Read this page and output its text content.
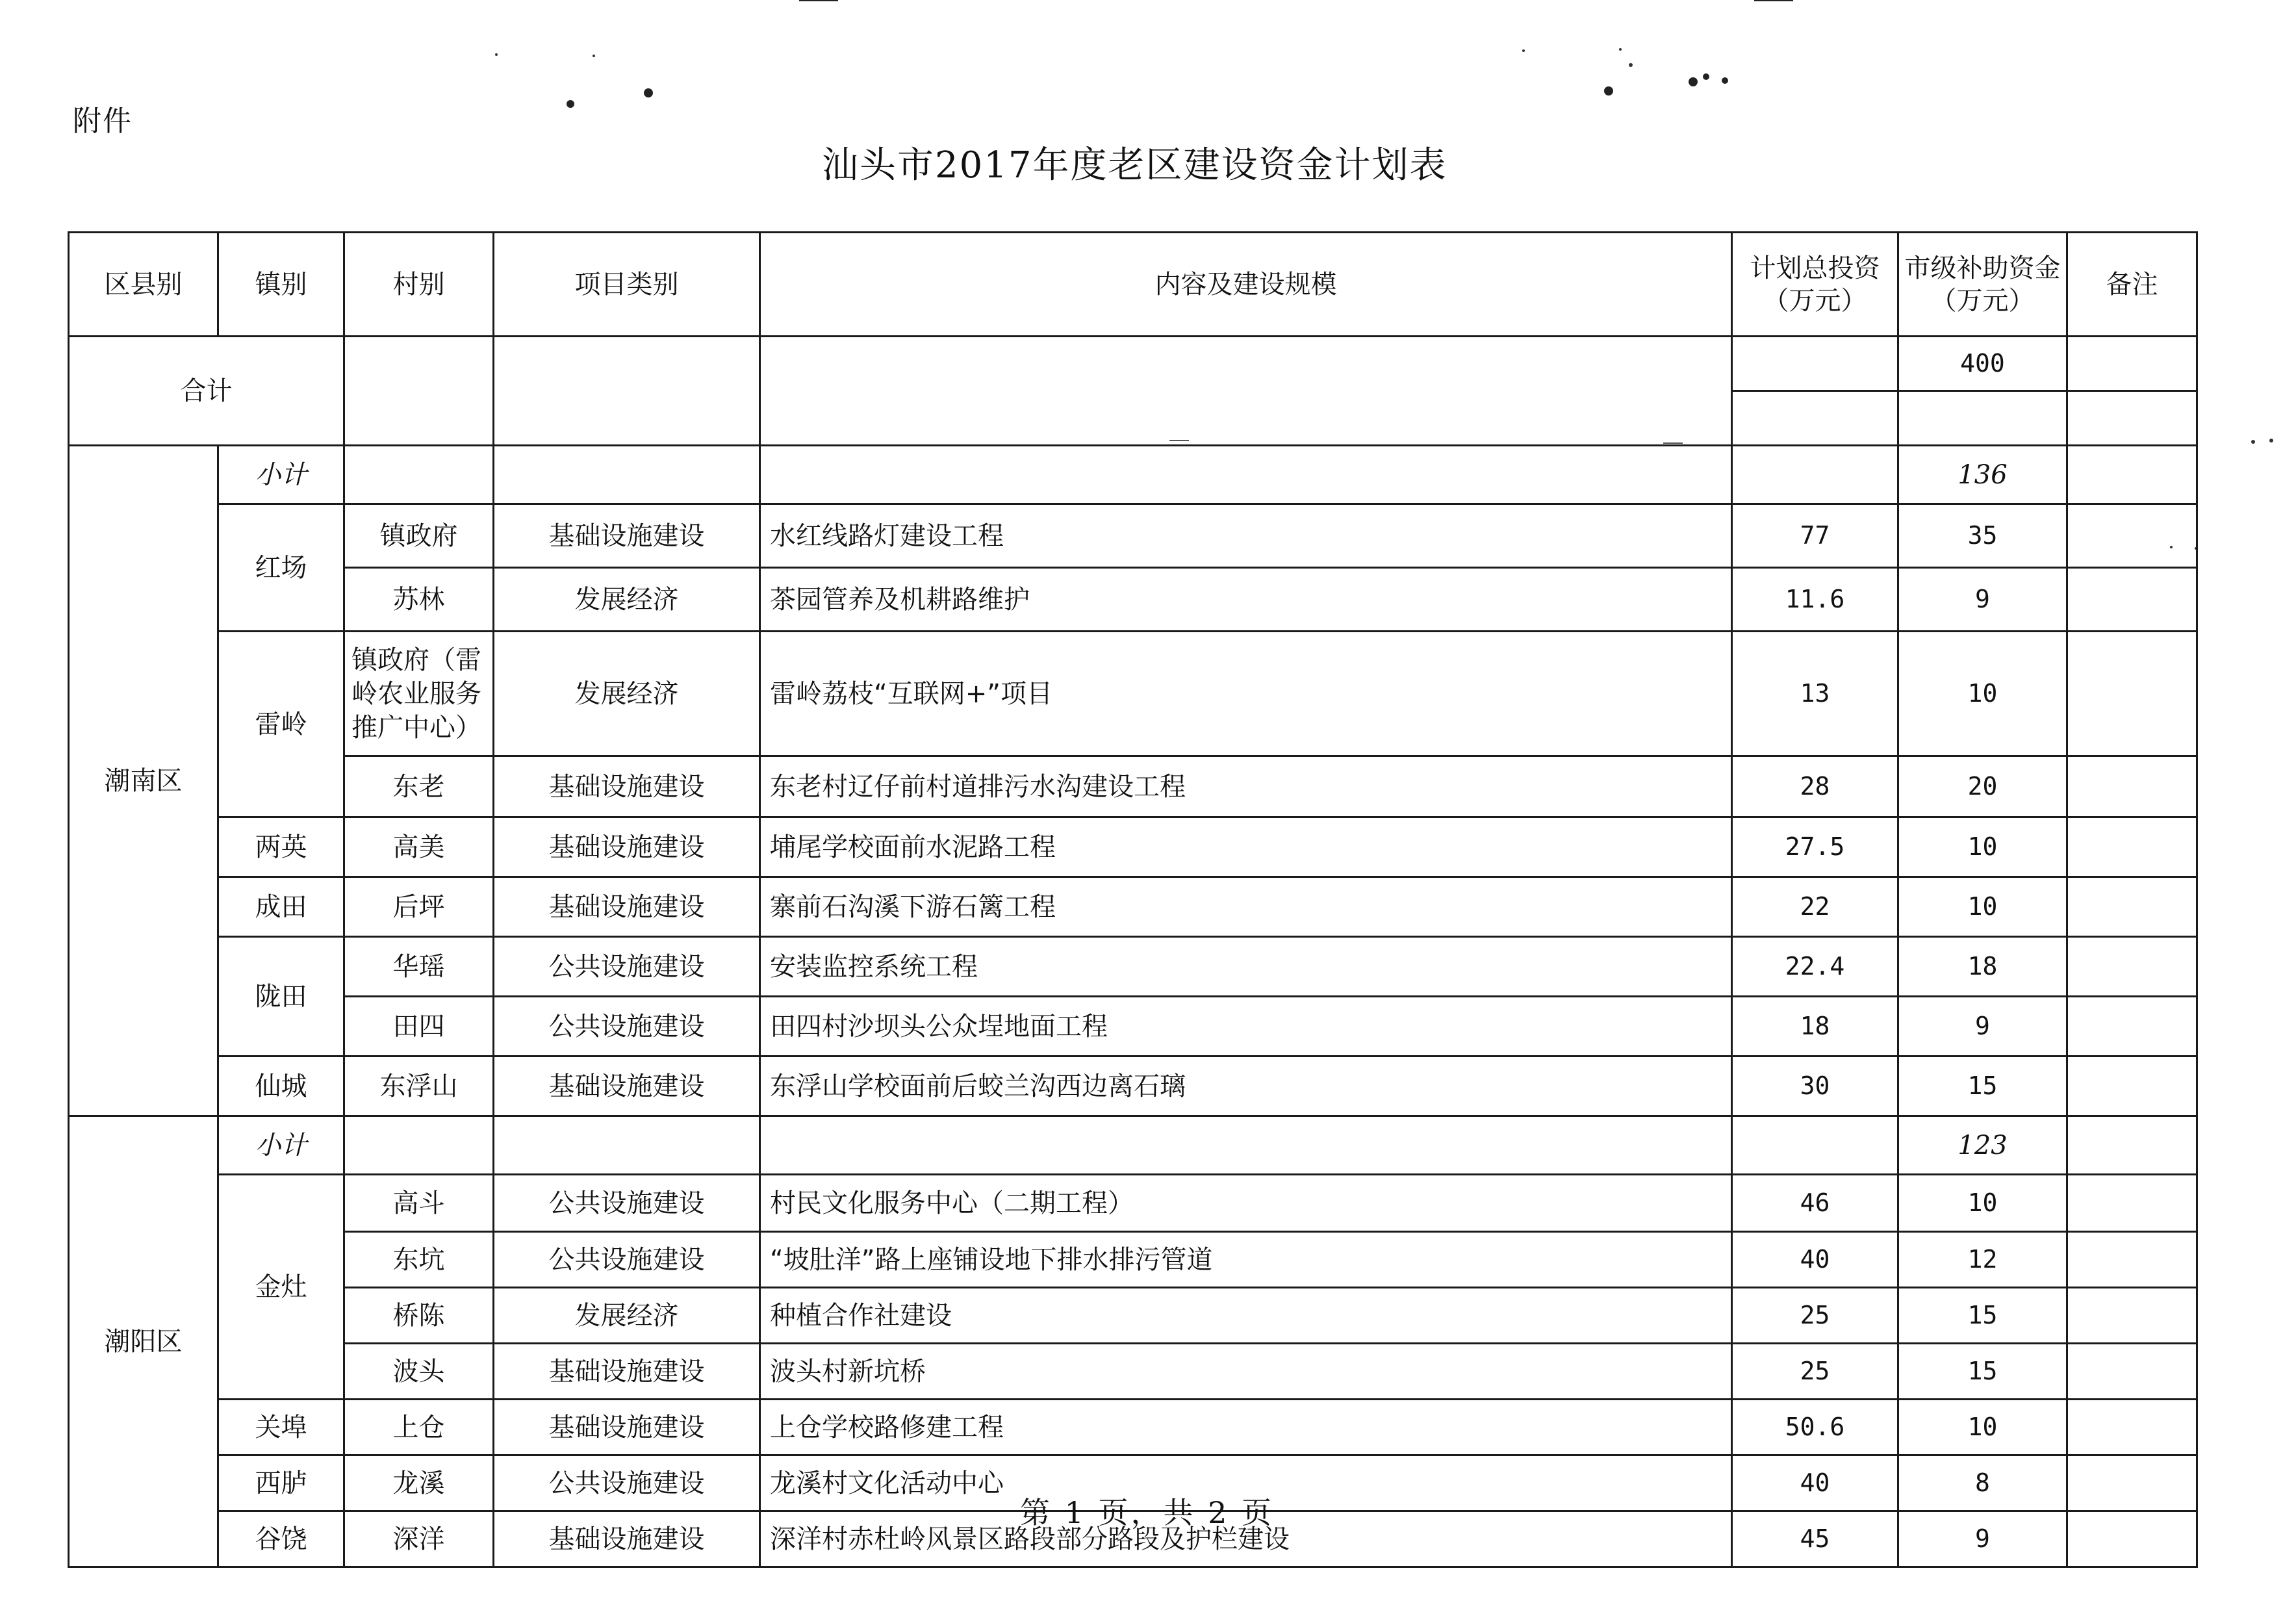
附件
汕头市2017年度老区建设资金计划表
区县别	镇别	村别	项目类别	内容及建设规模	计划总投资（万元）	市级补助资金（万元）	备注
合计						400	

潮南区	小计					136	
	红场	镇政府	基础设施建设	水红线路灯建设工程	77	35	
		苏林	发展经济	茶园管养及机耕路维护	11.6	9	
	雷岭	镇政府（雷岭农业服务推广中心）	发展经济	雷岭荔枝“互联网+”项目	13	10	
		东老	基础设施建设	东老村辽仔前村道排污水沟建设工程	28	20	
	两英	高美	基础设施建设	埔尾学校面前水泥路工程	27.5	10	
	成田	后坪	基础设施建设	寨前石沟溪下游石篱工程	22	10	
	陇田	华瑶	公共设施建设	安装监控系统工程	22.4	18	
		田四	公共设施建设	田四村沙坝头公众埕地面工程	18	9	
	仙城	东浮山	基础设施建设	东浮山学校面前后蛟兰沟西边离石璃	30	15	
潮阳区	小计					123	
	金灶	高斗	公共设施建设	村民文化服务中心（二期工程）	46	10	
		东坑	公共设施建设	“坡肚洋”路上座铺设地下排水排污管道	40	12	
		桥陈	发展经济	种植合作社建设	25	15	
		波头	基础设施建设	波头村新坑桥	25	15	
	关埠	上仓	基础设施建设	上仓学校路修建工程	50.6	10	
	西胪	龙溪	公共设施建设	龙溪村文化活动中心	40	8	
	谷饶	深洋	基础设施建设	深洋村赤杜岭风景区路段部分路段及护栏建设	45	9	
第 1 页，共 2 页
